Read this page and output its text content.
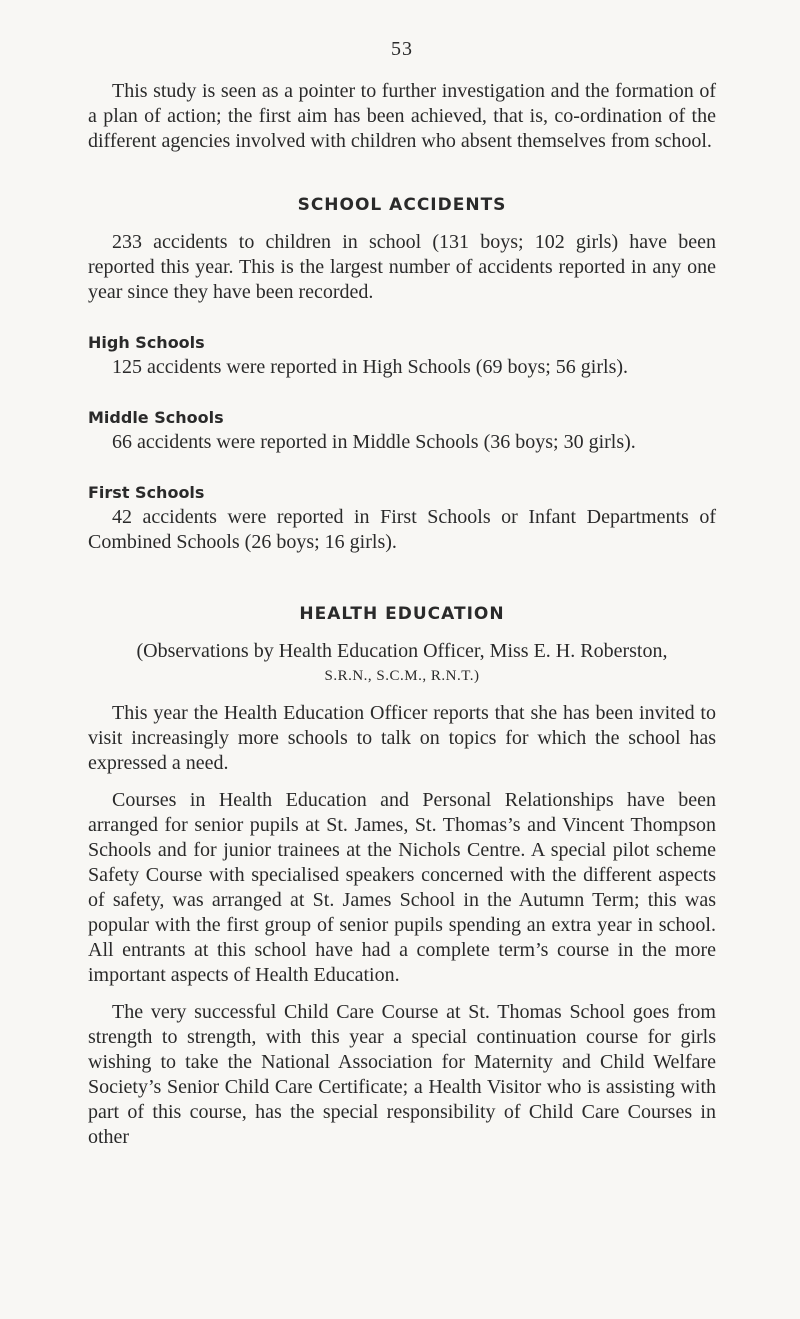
53

This study is seen as a pointer to further investigation and the formation of a plan of action; the first aim has been achieved, that is, co-ordination of the different agencies involved with children who absent themselves from school.

SCHOOL ACCIDENTS

233 accidents to children in school (131 boys; 102 girls) have been reported this year. This is the largest number of accidents reported in any one year since they have been recorded.

High Schools

125 accidents were reported in High Schools (69 boys; 56 girls).

Middle Schools

66 accidents were reported in Middle Schools (36 boys; 30 girls).

First Schools

42 accidents were reported in First Schools or Infant Departments of Combined Schools (26 boys; 16 girls).

HEALTH EDUCATION
(Observations by Health Education Officer, Miss E. H. Roberston,
S.R.N., S.C.M., R.N.T.)

This year the Health Education Officer reports that she has been invited to visit increasingly more schools to talk on topics for which the school has expressed a need.

Courses in Health Education and Personal Relationships have been arranged for senior pupils at St. James, St. Thomas’s and Vincent Thompson Schools and for junior trainees at the Nichols Centre. A special pilot scheme Safety Course with specialised speakers concerned with the different aspects of safety, was arranged at St. James School in the Autumn Term; this was popular with the first group of senior pupils spending an extra year in school. All entrants at this school have had a complete term’s course in the more important aspects of Health Education.

The very successful Child Care Course at St. Thomas School goes from strength to strength, with this year a special continuation course for girls wishing to take the National Association for Maternity and Child Welfare Society’s Senior Child Care Certificate; a Health Visitor who is assisting with part of this course, has the special responsibility of Child Care Courses in other
